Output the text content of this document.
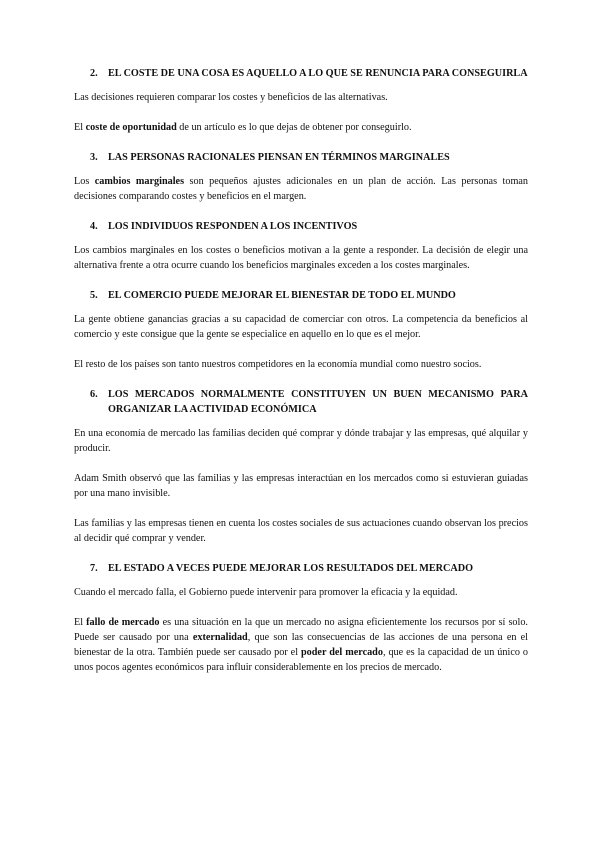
2.	EL COSTE DE UNA COSA ES AQUELLO A LO QUE SE RENUNCIA PARA CONSEGUIRLA

Las decisiones requieren comparar los costes y beneficios de las alternativas.

El coste de oportunidad de un artículo es lo que dejas de obtener por conseguirlo.

3.	LAS PERSONAS RACIONALES PIENSAN EN TÉRMINOS MARGINALES

Los cambios marginales son pequeños ajustes adicionales en un plan de acción. Las personas toman decisiones comparando costes y beneficios en el margen.

4.	LOS INDIVIDUOS RESPONDEN A LOS INCENTIVOS

Los cambios marginales en los costes o beneficios motivan a la gente a responder. La decisión de elegir una alternativa frente a otra ocurre cuando los beneficios marginales exceden a los costes marginales.

5.	EL COMERCIO PUEDE MEJORAR EL BIENESTAR DE TODO EL MUNDO

La gente obtiene ganancias gracias a su capacidad de comerciar con otros. La competencia da beneficios al comercio y este consigue que la gente se especialice en aquello en lo que es el mejor.

El resto de los países son tanto nuestros competidores en la economía mundial como nuestro socios.

6.	LOS MERCADOS NORMALMENTE CONSTITUYEN UN BUEN MECANISMO PARA ORGANIZAR LA ACTIVIDAD ECONÓMICA

En una economía de mercado las familias deciden qué comprar y dónde trabajar y las empresas, qué alquilar y producir.

Adam Smith observó que las familias y las empresas interactúan en los mercados como si estuvieran guiadas por una mano invisible.

Las familias y las empresas tienen en cuenta los costes sociales de sus actuaciones cuando observan los precios al decidir qué comprar y vender.

7.	EL ESTADO A VECES PUEDE MEJORAR LOS RESULTADOS DEL MERCADO

Cuando el mercado falla, el Gobierno puede intervenir para promover la eficacia y la equidad.

El fallo de mercado es una situación en la que un mercado no asigna eficientemente los recursos por sí solo. Puede ser causado por una externalidad, que son las consecuencias de las acciones de una persona en el bienestar de la otra. También puede ser causado por el poder del mercado, que es la capacidad de un único o unos pocos agentes económicos para influir considerablemente en los precios de mercado.
